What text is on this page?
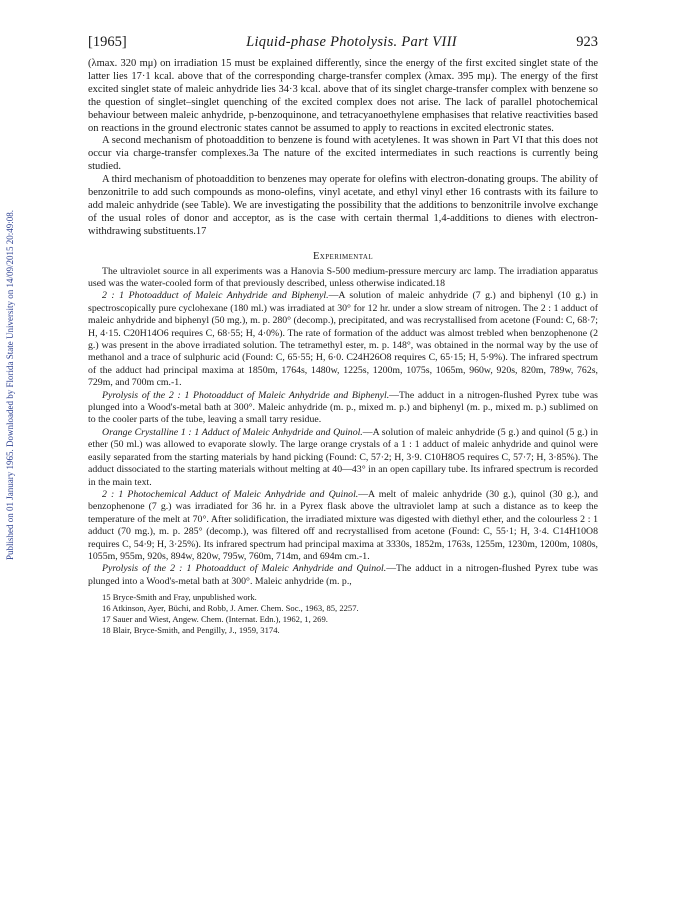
Published on 01 January 1965. Downloaded by Florida State University on 14/09/2015 20:49:08.
[1965]	Liquid-phase Photolysis. Part VIII	923

(λmax. 320 mμ) on irradiation 15 must be explained differently, since the energy of the first excited singlet state of the latter lies 17·1 kcal. above that of the corresponding charge-transfer complex (λmax. 395 mμ). The energy of the first excited singlet state of maleic anhydride lies 34·3 kcal. above that of its singlet charge-transfer complex with benzene so the question of singlet–singlet quenching of the excited complex does not arise. The lack of parallel photochemical behaviour between maleic anhydride, p-benzoquinone, and tetracyanoethylene emphasises that relative reactivities based on reactions in the ground electronic states cannot be assumed to apply to reactions in excited electronic states.

A second mechanism of photoaddition to benzene is found with acetylenes. It was shown in Part VI that this does not occur via charge-transfer complexes.3a The nature of the excited intermediates in such reactions is currently being studied.

A third mechanism of photoaddition to benzenes may operate for olefins with electron-donating groups. The ability of benzonitrile to add such compounds as mono-olefins, vinyl acetate, and ethyl vinyl ether 16 contrasts with its failure to add maleic anhydride (see Table). We are investigating the possibility that the additions to benzonitrile involve exchange of the usual roles of donor and acceptor, as is the case with certain thermal 1,4-additions to dienes with electron-withdrawing substituents.17

Experimental

The ultraviolet source in all experiments was a Hanovia S-500 medium-pressure mercury arc lamp. The irradiation apparatus used was the water-cooled form of that previously described, unless otherwise indicated.18

2 : 1 Photoadduct of Maleic Anhydride and Biphenyl.—A solution of maleic anhydride (7 g.) and biphenyl (10 g.) in spectroscopically pure cyclohexane (180 ml.) was irradiated at 30° for 12 hr. under a slow stream of nitrogen. The 2 : 1 adduct of maleic anhydride and biphenyl (50 mg.), m. p. 280° (decomp.), precipitated, and was recrystallised from acetone (Found: C, 68·7; H, 4·15. C20H14O6 requires C, 68·55; H, 4·0%). The rate of formation of the adduct was almost trebled when benzophenone (2 g.) was present in the above irradiated solution. The tetramethyl ester, m. p. 148°, was obtained in the normal way by the use of methanol and a trace of sulphuric acid (Found: C, 65·55; H, 6·0. C24H26O8 requires C, 65·15; H, 5·9%). The infrared spectrum of the adduct had principal maxima at 1850m, 1764s, 1480w, 1225s, 1200m, 1075s, 1065m, 960w, 920s, 820m, 789w, 762s, 729m, and 700m cm.-1.

Pyrolysis of the 2 : 1 Photoadduct of Maleic Anhydride and Biphenyl.—The adduct in a nitrogen-flushed Pyrex tube was plunged into a Wood's-metal bath at 300°. Maleic anhydride (m. p., mixed m. p.) and biphenyl (m. p., mixed m. p.) sublimed on to the cooler parts of the tube, leaving a small tarry residue.

Orange Crystalline 1 : 1 Adduct of Maleic Anhydride and Quinol.—A solution of maleic anhydride (5 g.) and quinol (5 g.) in ether (50 ml.) was allowed to evaporate slowly. The large orange crystals of a 1 : 1 adduct of maleic anhydride and quinol were easily separated from the starting materials by hand picking (Found: C, 57·2; H, 3·9. C10H8O5 requires C, 57·7; H, 3·85%). The adduct dissociated to the starting materials without melting at 40—43° in an open capillary tube. Its infrared spectrum is recorded in the main text.

2 : 1 Photochemical Adduct of Maleic Anhydride and Quinol.—A melt of maleic anhydride (30 g.), quinol (30 g.), and benzophenone (7 g.) was irradiated for 36 hr. in a Pyrex flask above the ultraviolet lamp at such a distance as to keep the temperature of the melt at 70°. After solidification, the irradiated mixture was digested with diethyl ether, and the colourless 2 : 1 adduct (70 mg.), m. p. 285° (decomp.), was filtered off and recrystallised from acetone (Found: C, 55·1; H, 3·4. C14H10O8 requires C, 54·9; H, 3·25%). Its infrared spectrum had principal maxima at 3330s, 1852m, 1763s, 1255m, 1230m, 1200m, 1080s, 1055m, 955m, 920s, 894w, 820w, 795w, 760m, 714m, and 694m cm.-1.

Pyrolysis of the 2 : 1 Photoadduct of Maleic Anhydride and Quinol.—The adduct in a nitrogen-flushed Pyrex tube was plunged into a Wood's-metal bath at 300°. Maleic anhydride (m. p.,

15 Bryce-Smith and Fray, unpublished work.
16 Atkinson, Ayer, Büchi, and Robb, J. Amer. Chem. Soc., 1963, 85, 2257.
17 Sauer and Wiest, Angew. Chem. (Internat. Edn.), 1962, 1, 269.
18 Blair, Bryce-Smith, and Pengilly, J., 1959, 3174.
